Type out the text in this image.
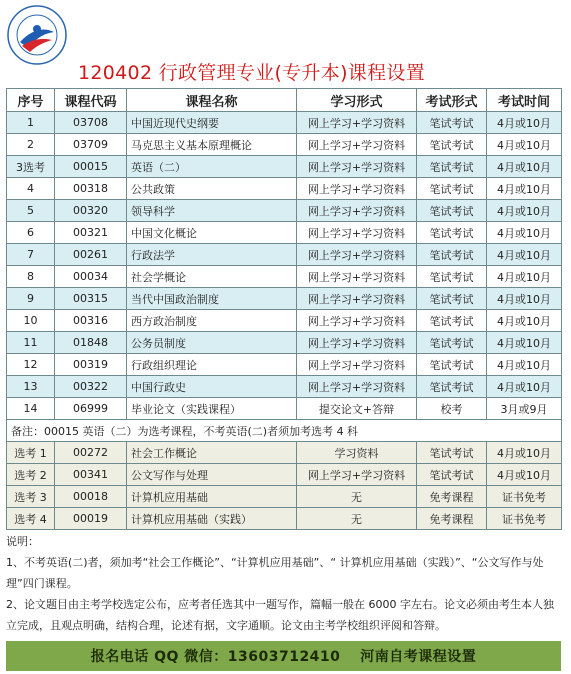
120402 行政管理专业(专升本)课程设置
序号	课程代码	课程名称	学习形式	考试形式	考试时间
1	03708	中国近现代史纲要	网上学习+学习资料	笔试考试	4月或10月
2	03709	马克思主义基本原理概论	网上学习+学习资料	笔试考试	4月或10月
3选考	00015	英语（二）	网上学习+学习资料	笔试考试	4月或10月
4	00318	公共政策	网上学习+学习资料	笔试考试	4月或10月
5	00320	领导科学	网上学习+学习资料	笔试考试	4月或10月
6	00321	中国文化概论	网上学习+学习资料	笔试考试	4月或10月
7	00261	行政法学	网上学习+学习资料	笔试考试	4月或10月
8	00034	社会学概论	网上学习+学习资料	笔试考试	4月或10月
9	00315	当代中国政治制度	网上学习+学习资料	笔试考试	4月或10月
10	00316	西方政治制度	网上学习+学习资料	笔试考试	4月或10月
11	01848	公务员制度	网上学习+学习资料	笔试考试	4月或10月
12	00319	行政组织理论	网上学习+学习资料	笔试考试	4月或10月
13	00322	中国行政史	网上学习+学习资料	笔试考试	4月或10月
14	06999	毕业论文（实践课程）	提交论文+答辩	校考	3月或9月
备注：00015 英语（二）为选考课程，不考英语(二)者须加考选考 4 科					
选考 1	00272	社会工作概论	学习资料	笔试考试	4月或10月
选考 2	00341	公文写作与处理	网上学习+学习资料	笔试考试	4月或10月
选考 3	00018	计算机应用基础	无	免考课程	证书免考
选考 4	00019	计算机应用基础（实践）	无	免考课程	证书免考

说明：

1、不考英语(二)者，须加考“社会工作概论”、“计算机应用基础”、“ 计算机应用基础（实践）”、“公文写作与处理”四门课程。

2、论文题目由主考学校选定公布，应考者任选其中一题写作，篇幅一般在 6000 字左右。论文必须由考生本人独立完成，且观点明确，结构合理，论述有据，文字通顺。论文由主考学校组织评阅和答辩。

报名电话 QQ 微信：13603712410　 河南自考课程设置
